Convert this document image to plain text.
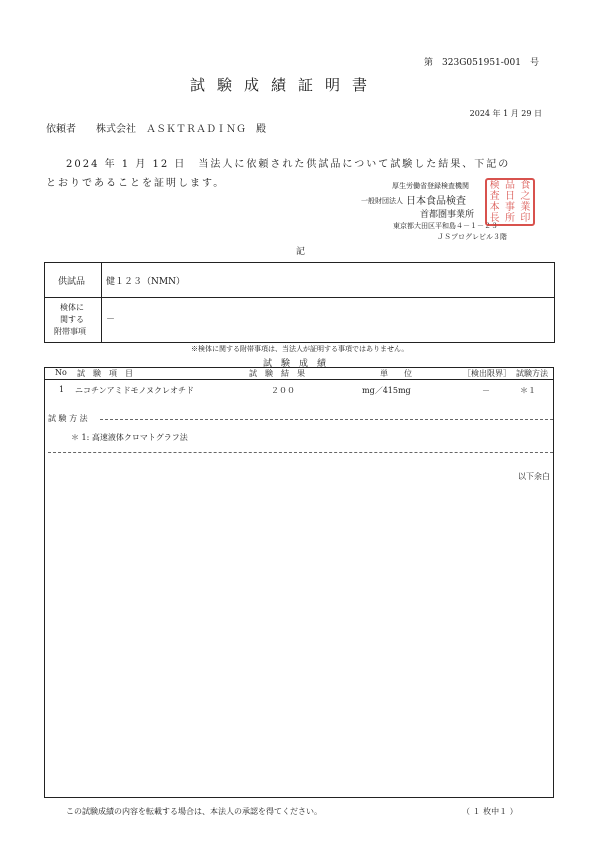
第　323G051951-001　号
試験成績証明書
2024 年 1 月 29 日
依頼者 株式会社　ＡＳＫＴＲＡＤＩＮＧ　殿
2024 年 1 月 12 日　当法人に依頼された供試品について試験した結果、下記の
とおりであることを証明します。	厚生労働省登録検査機関
一般財団法人 日本食品検査
首都圏事業所
東京都大田区平和島４－１－２３
ＪＳプログレビル３階
検 品 食
査 日 之
本 事 業
長 所 印
記
供試品 健１２３（NMN）
検体に
関する
附帯事項
－
※検体に関する附帯事項は、当法人が証明する事項ではありません。
試　験　成　績
No 試　験　項　目	試　験　結　果	単　　位	［検出限界］ 試験方法
1 ニコチンアミドモノヌクレオチド	２００	mg／415mg	－	＊１
試 験 方 法
＊ 1: 高速液体クロマトグラフ法
以下余白
この試験成績の内容を転載する場合は、本法人の承認を得てください。	（ １ 枚中１ ）
